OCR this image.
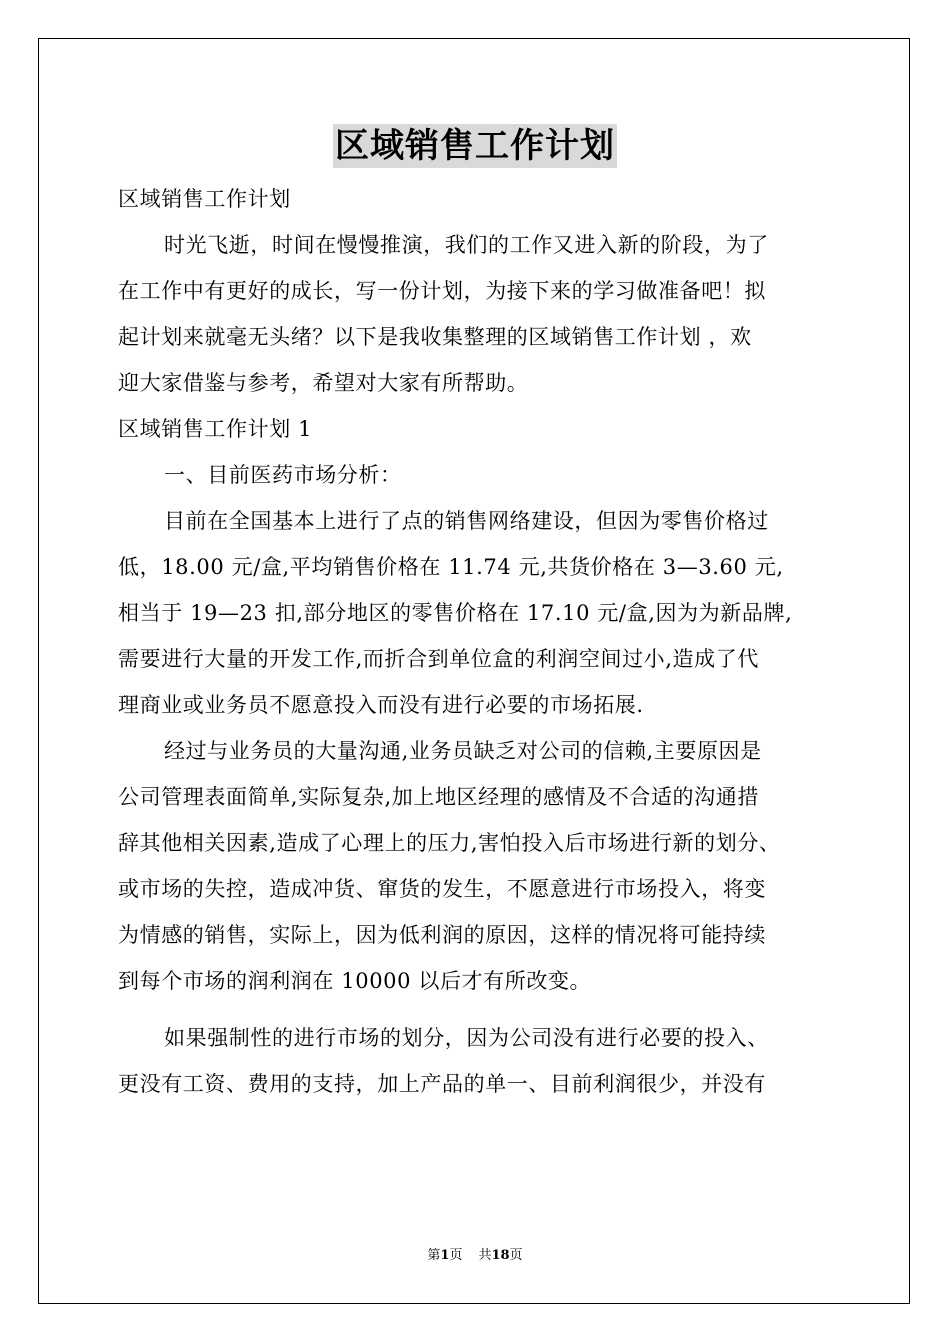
区域销售工作计划
区域销售工作计划
时光飞逝，时间在慢慢推演，我们的工作又进入新的阶段，为了
在工作中有更好的成长，写一份计划，为接下来的学习做准备吧！拟
起计划来就毫无头绪？以下是我收集整理的区域销售工作计划 ，欢
迎大家借鉴与参考，希望对大家有所帮助。
区域销售工作计划 1
一、目前医药市场分析：
目前在全国基本上进行了点的销售网络建设，但因为零售价格过
低，18.00 元/盒,平均销售价格在 11.74 元,共货价格在 3—3.60 元,
相当于 19—23 扣,部分地区的零售价格在 17.10 元/盒,因为为新品牌,
需要进行大量的开发工作,而折合到单位盒的利润空间过小,造成了代
理商业或业务员不愿意投入而没有进行必要的市场拓展.
经过与业务员的大量沟通,业务员缺乏对公司的信赖,主要原因是
公司管理表面简单,实际复杂,加上地区经理的感情及不合适的沟通措
辞其他相关因素,造成了心理上的压力,害怕投入后市场进行新的划分、
或市场的失控，造成冲货、窜货的发生，不愿意进行市场投入，将变
为情感的销售，实际上，因为低利润的原因，这样的情况将可能持续
到每个市场的润利润在 10000 以后才有所改变。
如果强制性的进行市场的划分，因为公司没有进行必要的投入、
更没有工资、费用的支持，加上产品的单一、目前利润很少，并没有
第1页 共18页
